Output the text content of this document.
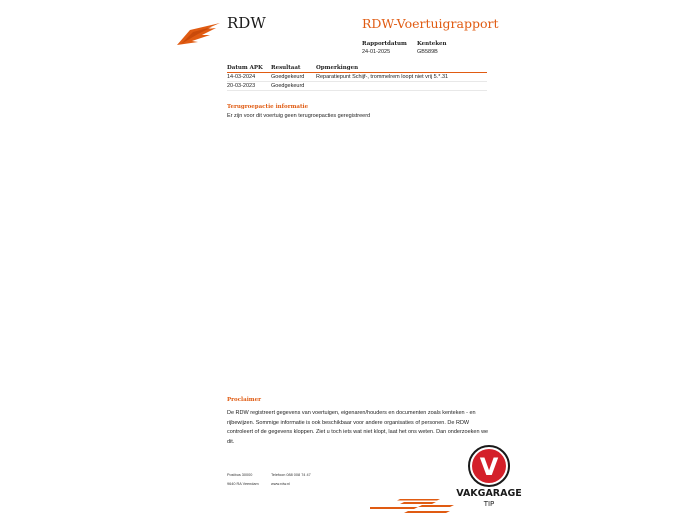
RDW	RDW-Voertuigrapport
Rapportdatum
24-01-2025
Kenteken
GB589B
Datum APK	Resultaat	Opmerkingen
14-03-2024	Goedgekeurd	Reparatiepunt Schijf-, trommelrem loopt niet vrij 5.*.31
20-03-2023	Goedgekeurd	
Terugroepactie informatie
Er zijn voor dit voertuig geen terugroepacties geregistreerd
Proclaimer
De RDW registreert gegevens van voertuigen, eigenaren/houders en documenten zoals kenteken - en rijbewijzen. Sommige informatie is ook beschikbaar voor andere organisaties of personen. De RDW controleert of de gegevens kloppen. Ziet u toch iets wat niet klopt, laat het ons weten. Dan onderzoeken we dit.
Postbus 30000
9640 RA Veendam
Telefoon 088 008 74 47
www.rdw.nl
V
VAKGARAGE
TIP
